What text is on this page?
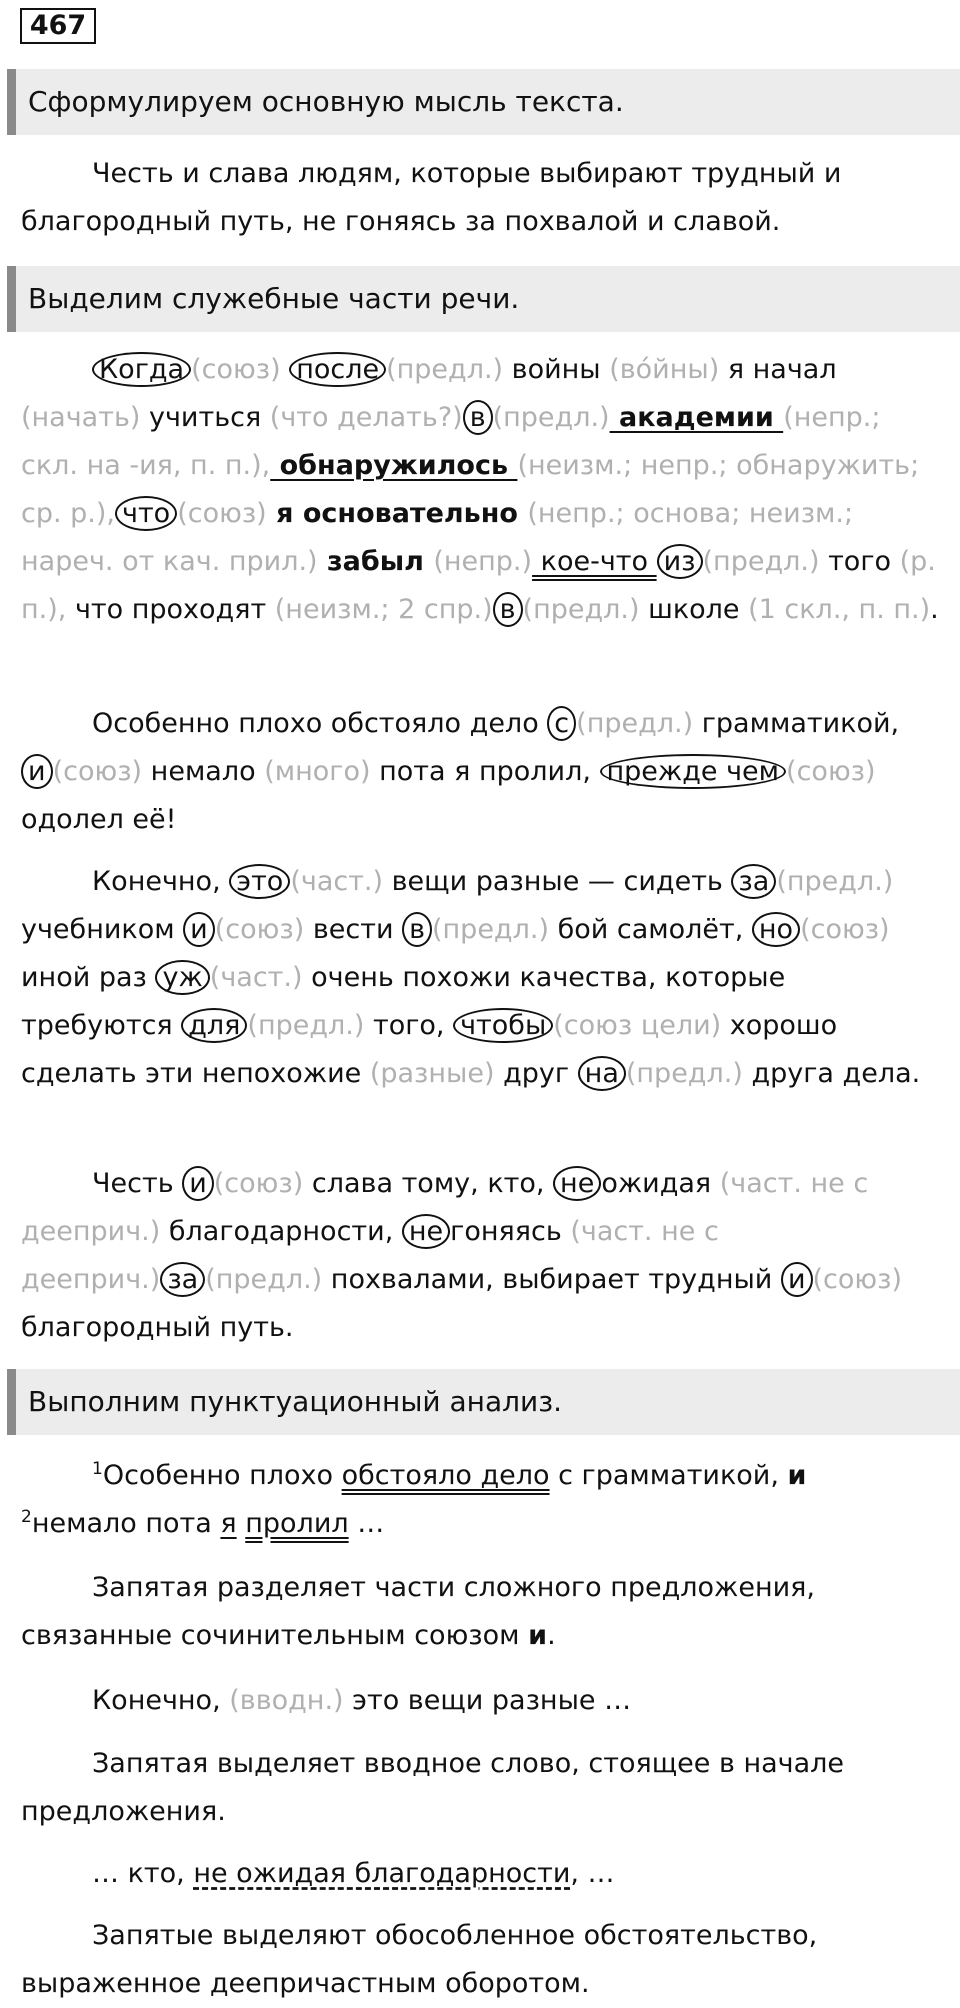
467
Сформулируем основную мысль текста.

Честь и слава людям, которые выбирают трудный и благородный путь, не гоняясь за похвалой и славой.

Выделим служебные части речи.

Когда (союз) после (предл.) войны (во́йны) я начал (начать) учиться (что делать?) в (предл.) академии (непр.; скл. на -ия, п. п.), обнаружилось (неизм.; непр.; обнаружить; ср. р.), что (союз) я основательно (непр.; основа; неизм.; нареч. от кач. прил.) забыл (непр.) кое-что из (предл.) того (р. п.), что проходят (неизм.; 2 спр.) в (предл.) школе (1 скл., п. п.).

Особенно плохо обстояло дело с (предл.) грамматикой, и (союз) немало (много) пота я пролил, прежде чем (союз) одолел её!

Конечно, это (част.) вещи разные — сидеть за (предл.) учебником и (союз) вести в (предл.) бой самолёт, но (союз) иной раз уж (част.) очень похожи качества, которые требуются для (предл.) того, чтобы (союз цели) хорошо сделать эти непохожие (разные) друг на (предл.) друга дела.

Честь и (союз) слава тому, кто, не ожидая (част. не с дееприч.) благодарности, не гоняясь (част. не с дееприч.) за (предл.) похвалами, выбирает трудный и (союз) благородный путь.

Выполним пунктуационный анализ.

$^1$Особенно плохо обстояло дело с грамматикой, и
$^2$немало пота я пролил …

Запятая разделяет части сложного предложения, связанные сочинительным союзом и.

Конечно, (вводн.) это вещи разные …

Запятая выделяет вводное слово, стоящее в начале предложения.

… кто, не ожидая благодарности, …

Запятые выделяют обособленное обстоятельство, выраженное деепричастным оборотом.
